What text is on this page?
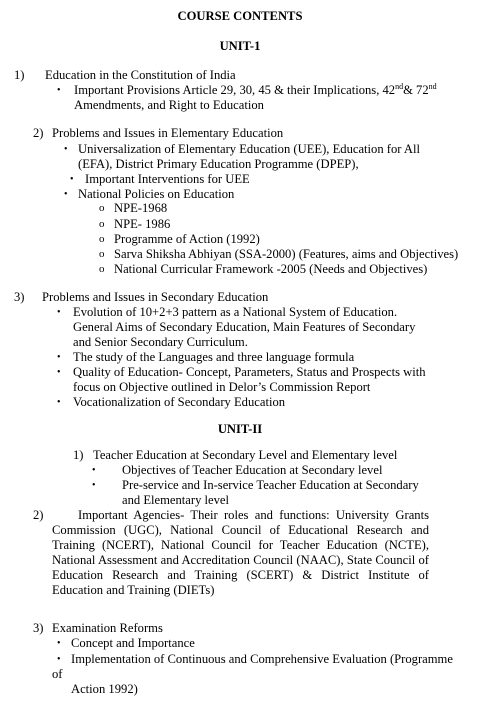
COURSE CONTENTS
UNIT-1
1) Education in the Constitution of India
• Important Provisions Article 29, 30, 45 & their Implications, 42nd& 72nd
Amendments, and Right to Education
2) Problems and Issues in Elementary Education
• Universalization of Elementary Education (UEE), Education for All
(EFA), District Primary Education Programme (DPEP),
• Important Interventions for UEE
• National Policies on Education
o NPE-1968
o NPE- 1986
o Programme of Action (1992)
o Sarva Shiksha Abhiyan (SSA-2000) (Features, aims and Objectives)
o National Curricular Framework -2005 (Needs and Objectives)
3) Problems and Issues in Secondary Education
• Evolution of 10+2+3 pattern as a National System of Education.
General Aims of Secondary Education, Main Features of Secondary
and Senior Secondary Curriculum.
• The study of the Languages and three language formula
• Quality of Education- Concept, Parameters, Status and Prospects with
focus on Objective outlined in Delor’s Commission Report
• Vocationalization of Secondary Education
UNIT-II
1) Teacher Education at Secondary Level and Elementary level
• Objectives of Teacher Education at Secondary level
• Pre-service and In-service Teacher Education at Secondary
and Elementary level
2)	Important Agencies- Their roles and functions: University Grants
Commission (UGC), National Council of Educational Research and
Training (NCERT), National Council for Teacher Education (NCTE),
National Assessment and Accreditation Council (NAAC), State Council of
Education Research and Training (SCERT) & District Institute of
Education and Training (DIETs)
3) Examination Reforms
• Concept and Importance
• Implementation of Continuous and Comprehensive Evaluation (Programme
of
Action 1992)
